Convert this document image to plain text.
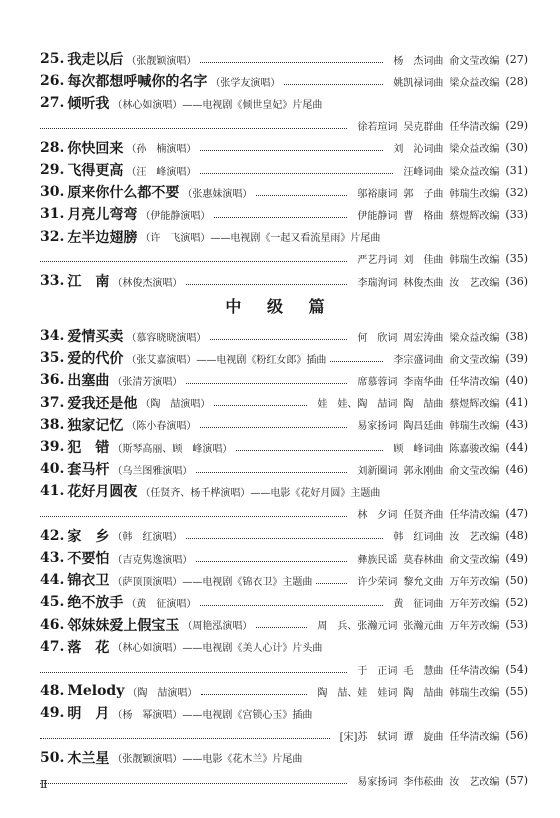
25. 我走以后 （张靓颖演唱）	杨　杰词曲 俞文莹改编 (27)
26. 每次都想呼喊你的名字 （张学友演唱）	姚凯禄词曲 梁众益改编 (28)
27. 倾听我 （林心如演唱）——电视剧《倾世皇妃》片尾曲
徐若瑄词 吴克群曲 任华清改编 (29)
28. 你快回来 （孙　楠演唱）	刘　沁词曲 梁众益改编 (30)
29. 飞得更高 （汪　峰演唱）	汪峰词曲 梁众益改编 (31)
30. 原来你什么都不要 （张惠妹演唱）	邬裕康词 郭　子曲 韩瑞生改编 (32)
31. 月亮儿弯弯 （伊能静演唱）	伊能静词 曹　格曲 蔡煜辉改编 (33)
32. 左半边翅膀 （许　飞演唱）——电视剧《一起又看流星雨》片尾曲
严艺丹词 刘　佳曲 韩瑞生改编 (35)
33. 江　南 （林俊杰演唱）	李瑞洵词 林俊杰曲 汝　艺改编 (36)
34. 爱情买卖 （慕容晓晓演唱）	何　欣词 周宏涛曲 梁众益改编 (38)
35. 爱的代价 （张艾嘉演唱）——电视剧《粉红女郎》插曲	李宗盛词曲 俞文莹改编 (39)
36. 出塞曲 （张清芳演唱）	席慕蓉词 李南华曲 任华清改编 (40)
37. 爱我还是他 （陶　喆演唱）	娃　娃、陶　喆词 陶　喆曲 蔡煜辉改编 (41)
38. 独家记忆 （陈小春演唱）	易家扬词 陶昌廷曲 韩瑞生改编 (43)
39. 犯　错 （斯琴高丽、顾　峰演唱）	顾　峰词曲 陈嘉骏改编 (44)
40. 套马杆 （乌兰图雅演唱）	刘新圈词 郭永刚曲 俞文莹改编 (46)
41. 花好月圆夜 （任贤齐、杨千桦演唱）——电影《花好月圆》主题曲
林　夕词 任贤齐曲 任华清改编 (47)
42. 家　乡 （韩　红演唱）	韩　红词曲 汝　艺改编 (48)
43. 不要怕 （吉克隽逸演唱）	彝族民谣 莫春林曲 俞文莹改编 (49)
44. 锦衣卫 （萨顶顶演唱）——电视剧《锦衣卫》主题曲	许少荣词 黎允文曲 万年芳改编 (50)
45. 绝不放手 （黄　征演唱）	黄　征词曲 万年芳改编 (52)
46. 邻妹妹爱上假宝玉 （周艳泓演唱）	周　兵、张瀚元词 张瀚元曲 万年芳改编 (53)
47. 落　花 （林心如演唱）——电视剧《美人心计》片头曲
于　正词 毛　慧曲 任华清改编 (54)
48. Melody （陶　喆演唱）	陶　喆、娃　娃词 陶　喆曲 韩瑞生改编 (55)
49. 明　月 （杨　幂演唱）——电视剧《宫锁心玉》插曲
[宋]苏　轼词 谭　旋曲 任华清改编 (56)
50. 木兰星 （张靓颖演唱）——电影《花木兰》片尾曲
易家扬词 李伟菘曲 汝　艺改编 (57)
中 级 篇
Ⅱ
